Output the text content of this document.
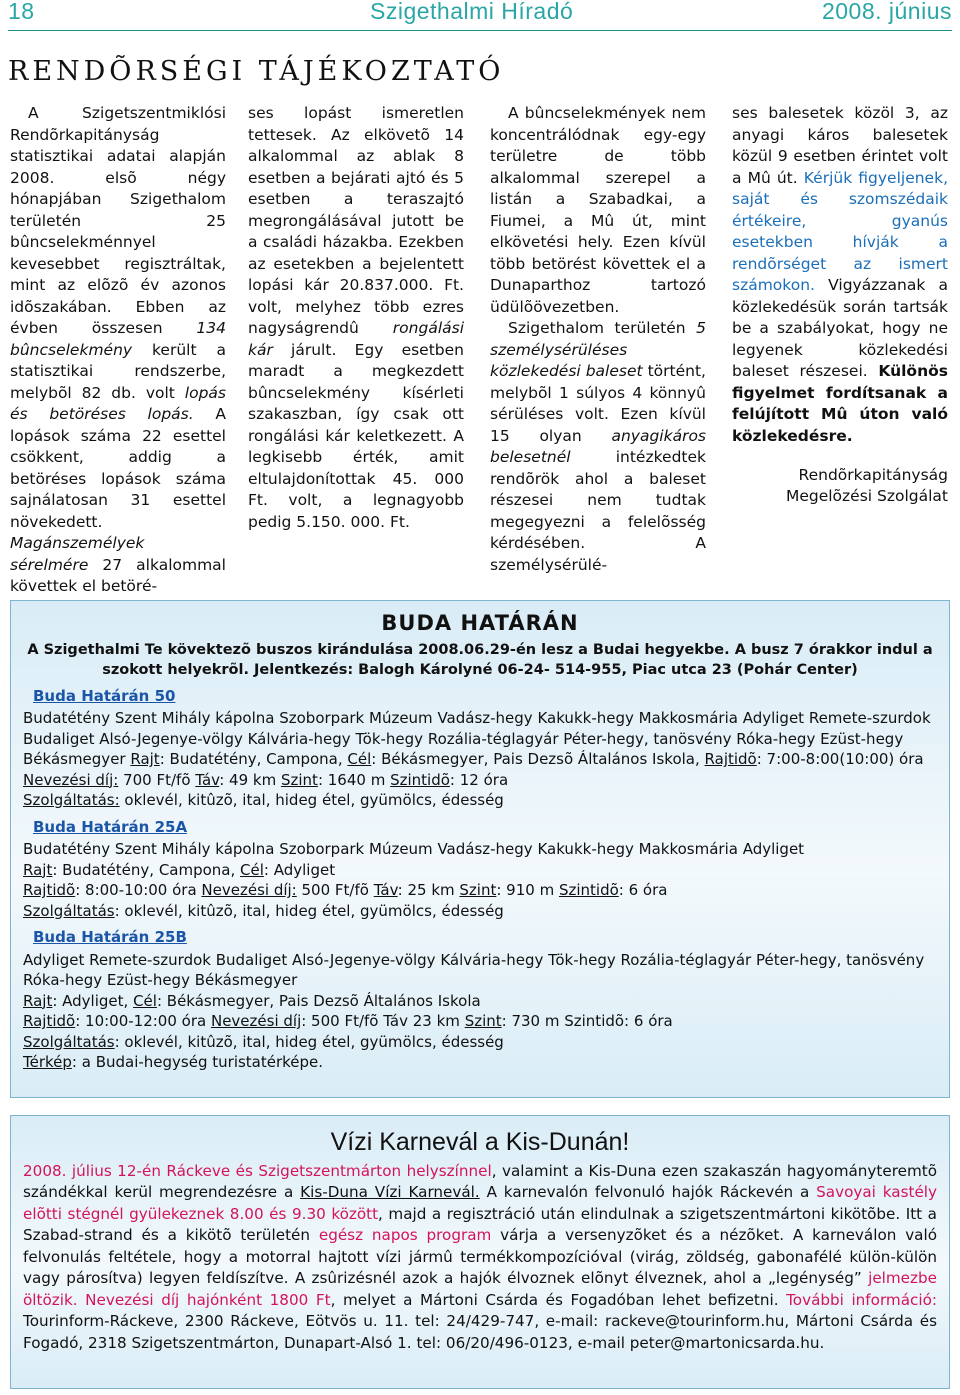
18	Szigethalmi Híradó	2008. június
RENDÕRSÉGI TÁJÉKOZTATÓ

A Szigetszentmiklósi Rendõrkapitányság statisztikai adatai alapján 2008. elsõ négy hónapjában Szigethalom területén 25 bûncselekménnyel kevesebbet regisztráltak, mint az elõzõ év azonos idõszakában. Ebben az évben összesen 134 bûncselekmény került a statisztikai rendszerbe, melybõl 82 db. volt lopás és betöréses lopás. A lopások száma 22 esettel csökkent, addig a betöréses lopások száma sajnálatosan 31 esettel növekedett. Magánszemélyek sérelmére 27 alkalommal követtek el betöré-

ses lopást ismeretlen tettesek. Az elkövetõ 14 alkalommal az ablak 8 esetben a bejárati ajtó és 5 esetben a teraszajtó megrongálásával jutott be a családi házakba. Ezekben az esetekben a bejelentett lopási kár 20.837.000. Ft. volt, melyhez több ezres nagyságrendû rongálási kár járult. Egy esetben maradt a megkezdett bûncselekmény kísérleti szakaszban, így csak ott rongálási kár keletkezett. A legkisebb érték, amit eltulajdonítottak 45. 000 Ft. volt, a legnagyobb pedig 5.150. 000. Ft.

A bûncselekmények nem koncentrálódnak egy-egy területre de több alkalommal szerepel a listán a Szabadkai, a Fiumei, a Mû út, mint elkövetési hely. Ezen kívül több betörést követtek el a Dunaparthoz tartozó üdülõövezetben.

Szigethalom területén 5 személysérüléses közlekedési baleset történt, melybõl 1 súlyos 4 könnyû sérüléses volt. Ezen kívül 15 olyan anyagikáros belesetnél intézkedtek rendõrök ahol a baleset részesei nem tudtak megegyezni a felelõsség kérdésében. A személysérülé-

ses balesetek közöl 3, az anyagi káros balesetek közül 9 esetben érintet volt a Mû út. Kérjük figyeljenek, saját és szomszédaik értékeire, gyanús esetekben hívják a rendõrséget az ismert számokon. Vigyázzanak a közlekedésük során tartsák be a szabályokat, hogy ne legyenek közlekedési baleset részesei. Különös figyelmet fordítsanak a felújított Mû úton való közlekedésre.

Rendõrkapitányság
Megelõzési Szolgálat
BUDA HATÁRÁN
A Szigethalmi Te kövektezõ buszos kirándulása 2008.06.29-én lesz a Budai hegyekbe. A busz 7 órakkor indul a szokott helyekrõl. Jelentkezés: Balogh Károlyné 06-24- 514-955, Piac utca 23 (Pohár Center)
Buda Határán 50
Budatétény Szent Mihály kápolna Szoborpark Múzeum Vadász-hegy Kakukk-hegy Makkosmária Adyliget Remete-szurdok Budaliget Alsó-Jegenye-völgy Kálvária-hegy Tök-hegy Rozália-téglagyár Péter-hegy, tanösvény Róka-hegy Ezüst-hegy Békásmegyer Rajt: Budatétény, Campona, Cél: Békásmegyer, Pais Dezsõ Általános Iskola, Rajtidõ: 7:00-8:00(10:00) óra Nevezési díj: 700 Ft/fõ Táv: 49 km Szint: 1640 m Szintidõ: 12 óra
Szolgáltatás: oklevél, kitûzõ, ital, hideg étel, gyümölcs, édesség
Buda Határán 25A
Budatétény Szent Mihály kápolna Szoborpark Múzeum Vadász-hegy Kakukk-hegy Makkosmária Adyliget
Rajt: Budatétény, Campona, Cél: Adyliget
Rajtidõ: 8:00-10:00 óra Nevezési díj: 500 Ft/fõ Táv: 25 km Szint: 910 m Szintidõ: 6 óra
Szolgáltatás: oklevél, kitûzõ, ital, hideg étel, gyümölcs, édesség
Buda Határán 25B
Adyliget Remete-szurdok Budaliget Alsó-Jegenye-völgy Kálvária-hegy Tök-hegy Rozália-téglagyár Péter-hegy, tanösvény Róka-hegy Ezüst-hegy Békásmegyer
Rajt: Adyliget, Cél: Békásmegyer, Pais Dezsõ Általános Iskola
Rajtidõ: 10:00-12:00 óra Nevezési díj: 500 Ft/fõ Táv 23 km Szint: 730 m Szintidõ: 6 óra
Szolgáltatás: oklevél, kitûzõ, ital, hideg étel, gyümölcs, édesség
Térkép: a Budai-hegység turistatérképe.
Vízi Karnevál a Kis-Dunán!
2008. július 12-én Ráckeve és Szigetszentmárton helyszínnel, valamint a Kis-Duna ezen szakaszán hagyományteremtõ szándékkal kerül megrendezésre a Kis-Duna Vízi Karnevál. A karnevalón felvonuló hajók Ráckevén a Savoyai kastély elõtti stégnél gyülekeznek 8.00 és 9.30 között, majd a regisztráció után elindulnak a szigetszentmártoni kikötõbe. Itt a Szabad-strand és a kikötõ területén egész napos program várja a versenyzõket és a nézõket. A karneválon való felvonulás feltétele, hogy a motorral hajtott vízi jármû termékkompozícióval (virág, zöldség, gabonafélé külön-külön vagy párosítva) legyen feldíszítve. A zsûrizésnél azok a hajók élvoznek elõnyt élveznek, ahol a „legénység” jelmezbe öltözik. Nevezési díj hajónként 1800 Ft, melyet a Mártoni Csárda és Fogadóban lehet befizetni. További információ: Tourinform-Ráckeve, 2300 Ráckeve, Eötvös u. 11. tel: 24/429-747, e-mail: rackeve@tourinform.hu, Mártoni Csárda és Fogadó, 2318 Szigetszentmárton, Dunapart-Alsó 1. tel: 06/20/496-0123, e-mail peter@martonicsarda.hu.
